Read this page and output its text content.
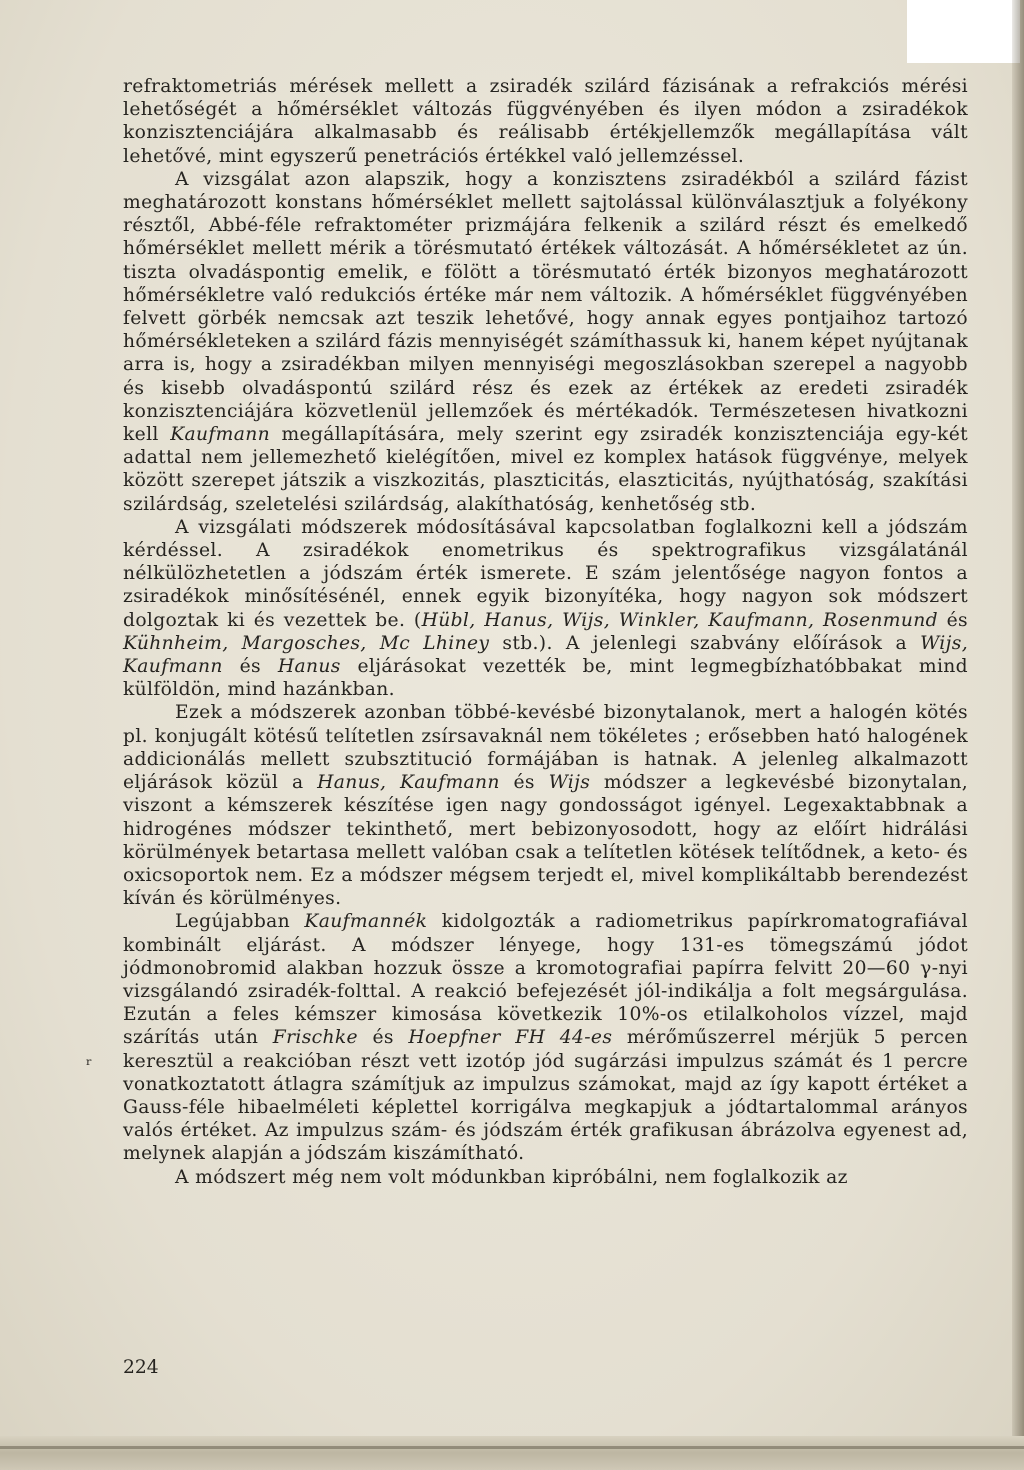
refraktometriás mérések mellett a zsiradék szilárd fázisának a refrakciós mérési lehetőségét a hőmérséklet változás függvényében és ilyen módon a zsiradékok konzisztenciájára alkalmasabb és reálisabb értékjellemzők megállapítása vált lehetővé, mint egyszerű penetrációs értékkel való jellemzéssel.

A vizsgálat azon alapszik, hogy a konzisztens zsiradékból a szilárd fázist meghatározott konstans hőmérséklet mellett sajtolással különválasztjuk a folyékony résztől, Abbé-féle refraktométer prizmájára felkenik a szilárd részt és emelkedő hőmérséklet mellett mérik a törésmutató értékek változását. A hőmérsékletet az ún. tiszta olvadáspontig emelik, e fölött a törésmutató érték bizonyos meghatározott hőmérsékletre való redukciós értéke már nem változik. A hőmérséklet függvényében felvett görbék nemcsak azt teszik lehetővé, hogy annak egyes pontjaihoz tartozó hőmérsékleteken a szilárd fázis mennyiségét számíthassuk ki, hanem képet nyújtanak arra is, hogy a zsiradékban milyen mennyiségi megoszlásokban szerepel a nagyobb és kisebb olvadáspontú szilárd rész és ezek az értékek az eredeti zsiradék konzisztenciájára közvetlenül jellemzőek és mértékadók. Természetesen hivatkozni kell Kaufmann megállapítására, mely szerint egy zsiradék konzisztenciája egy-két adattal nem jellemezhető kielégítően, mivel ez komplex hatások függvénye, melyek között szerepet játszik a viszkozitás, plaszticitás, elaszticitás, nyújthatóság, szakítási szilárdság, szeletelési szilárdság, alakíthatóság, kenhetőség stb.

A vizsgálati módszerek módosításával kapcsolatban foglalkozni kell a jódszám kérdéssel. A zsiradékok enometrikus és spektrografikus vizsgálatánál nélkülözhetetlen a jódszám érték ismerete. E szám jelentősége nagyon fontos a zsiradékok minősítésénél, ennek egyik bizonyítéka, hogy nagyon sok módszert dolgoztak ki és vezettek be. (Hübl, Hanus, Wijs, Winkler, Kaufmann, Rosenmund és Kühnheim, Margosches, Mc Lhiney stb.). A jelenlegi szabvány előírások a Wijs, Kaufmann és Hanus eljárásokat vezették be, mint legmegbízhatóbbakat mind külföldön, mind hazánkban.

Ezek a módszerek azonban többé-kevésbé bizonytalanok, mert a halogén kötés pl. konjugált kötésű telítetlen zsírsavaknál nem tökéletes ; erősebben ható halogének addicionálás mellett szubsztitució formájában is hatnak. A jelenleg alkalmazott eljárások közül a Hanus, Kaufmann és Wijs módszer a legkevésbé bizonytalan, viszont a kémszerek készítése igen nagy gondosságot igényel. Legexaktabbnak a hidrogénes módszer tekinthető, mert bebizonyosodott, hogy az előírt hidrálási körülmények betartasa mellett valóban csak a telítetlen kötések telítődnek, a keto- és oxicsoportok nem. Ez a módszer mégsem terjedt el, mivel komplikáltabb berendezést kíván és körülményes.

Legújabban Kaufmannék kidolgozták a radiometrikus papírkromatografiával kombinált eljárást. A módszer lényege, hogy 131-es tömegszámú jódot jódmonobromid alakban hozzuk össze a kromotografiai papírra felvitt 20—60 γ-nyi vizsgálandó zsiradék-folttal. A reakció befejezését jól-indikálja a folt megsárgulása. Ezután a feles kémszer kimosása következik 10%-os etilalkoholos vízzel, majd szárítás után Frischke és Hoepfner FH 44-es mérőműszerrel mérjük 5 percen keresztül a reakcióban részt vett izotóp jód sugárzási impulzus számát és 1 percre vonatkoztatott átlagra számítjuk az impulzus számokat, majd az így kapott értéket a Gauss-féle hibaelméleti képlettel korrigálva megkapjuk a jódtartalommal arányos valós értéket. Az impulzus szám- és jódszám érték grafikusan ábrázolva egyenest ad, melynek alapján a jódszám kiszámítható.

A módszert még nem volt módunkban kipróbálni, nem foglalkozik az

ʳ
224
